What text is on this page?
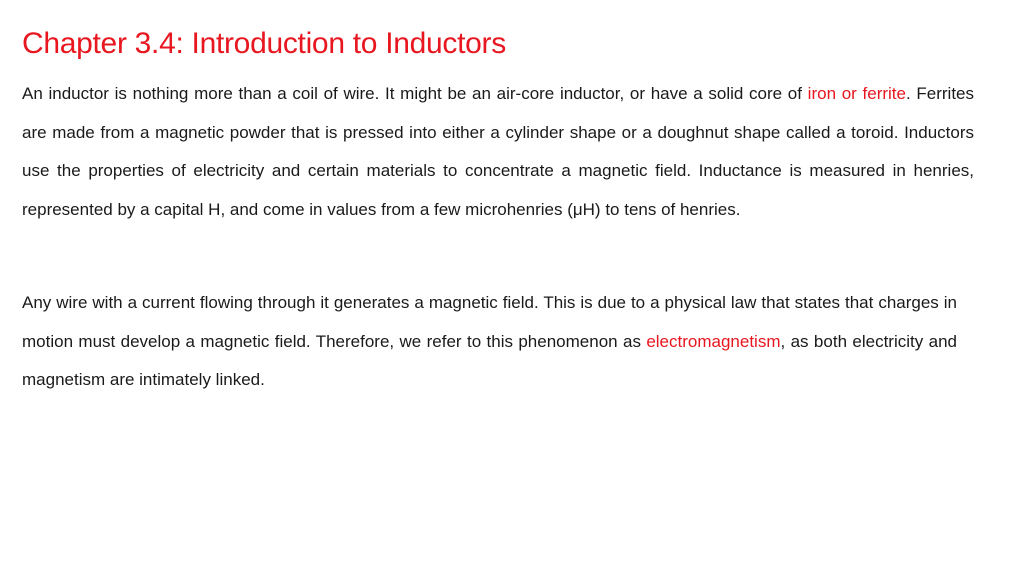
Chapter 3.4: Introduction to Inductors

An inductor is nothing more than a coil of wire. It might be an air-core inductor, or have a solid core of iron or ferrite. Ferrites are made from a magnetic powder that is pressed into either a cylinder shape or a doughnut shape called a toroid. Inductors use the properties of electricity and certain materials to concentrate a magnetic field. Inductance is measured in henries, represented by a capital H, and come in values from a few microhenries (μH) to tens of henries.

Any wire with a current flowing through it generates a magnetic field. This is due to a physical law that states that charges in motion must develop a magnetic field. Therefore, we refer to this phenomenon as electromagnetism, as both electricity and magnetism are intimately linked.
